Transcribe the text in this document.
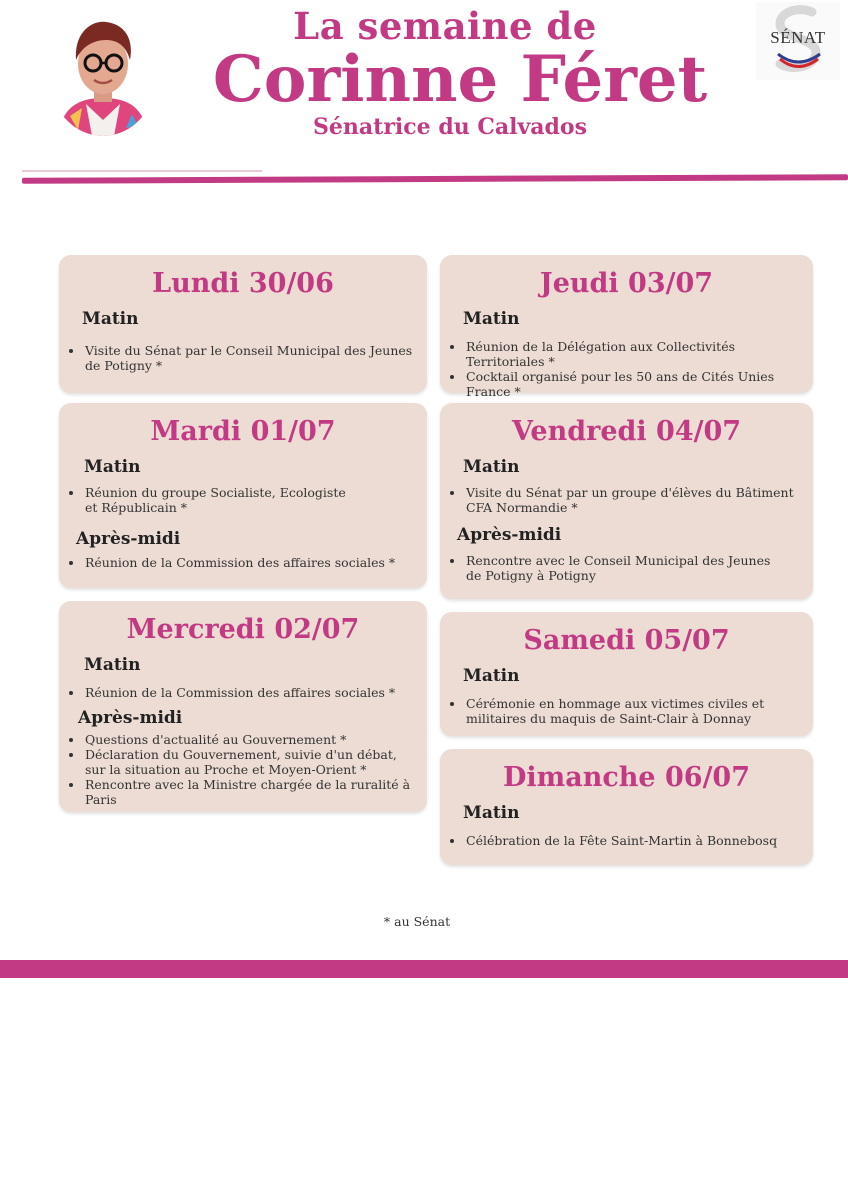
La semaine de
Corinne Féret
Sénatrice du Calvados
SÉNAT
Lundi 30/06
Matin
Visite du Sénat par le Conseil Municipal des Jeunes de Potigny *
Mardi 01/07
Matin
Réunion du groupe Socialiste, Ecologiste et Républicain *
Après-midi
Réunion de la Commission des affaires sociales *
Mercredi 02/07
Matin
Réunion de la Commission des affaires sociales *
Après-midi
Questions d'actualité au Gouvernement *
Déclaration du Gouvernement, suivie d'un débat, sur la situation au Proche et Moyen-Orient *
Rencontre avec la Ministre chargée de la ruralité à Paris
Jeudi 03/07
Matin
Réunion de la Délégation aux Collectivités Territoriales *
Cocktail organisé pour les 50 ans de Cités Unies France *
Vendredi 04/07
Matin
Visite du Sénat par un groupe d'élèves du Bâtiment CFA Normandie *
Après-midi
Rencontre avec le Conseil Municipal des Jeunes de Potigny à Potigny
Samedi 05/07
Matin
Cérémonie en hommage aux victimes civiles et militaires du maquis de Saint-Clair à Donnay
Dimanche 06/07
Matin
Célébration de la Fête Saint-Martin à Bonnebosq
* au Sénat
